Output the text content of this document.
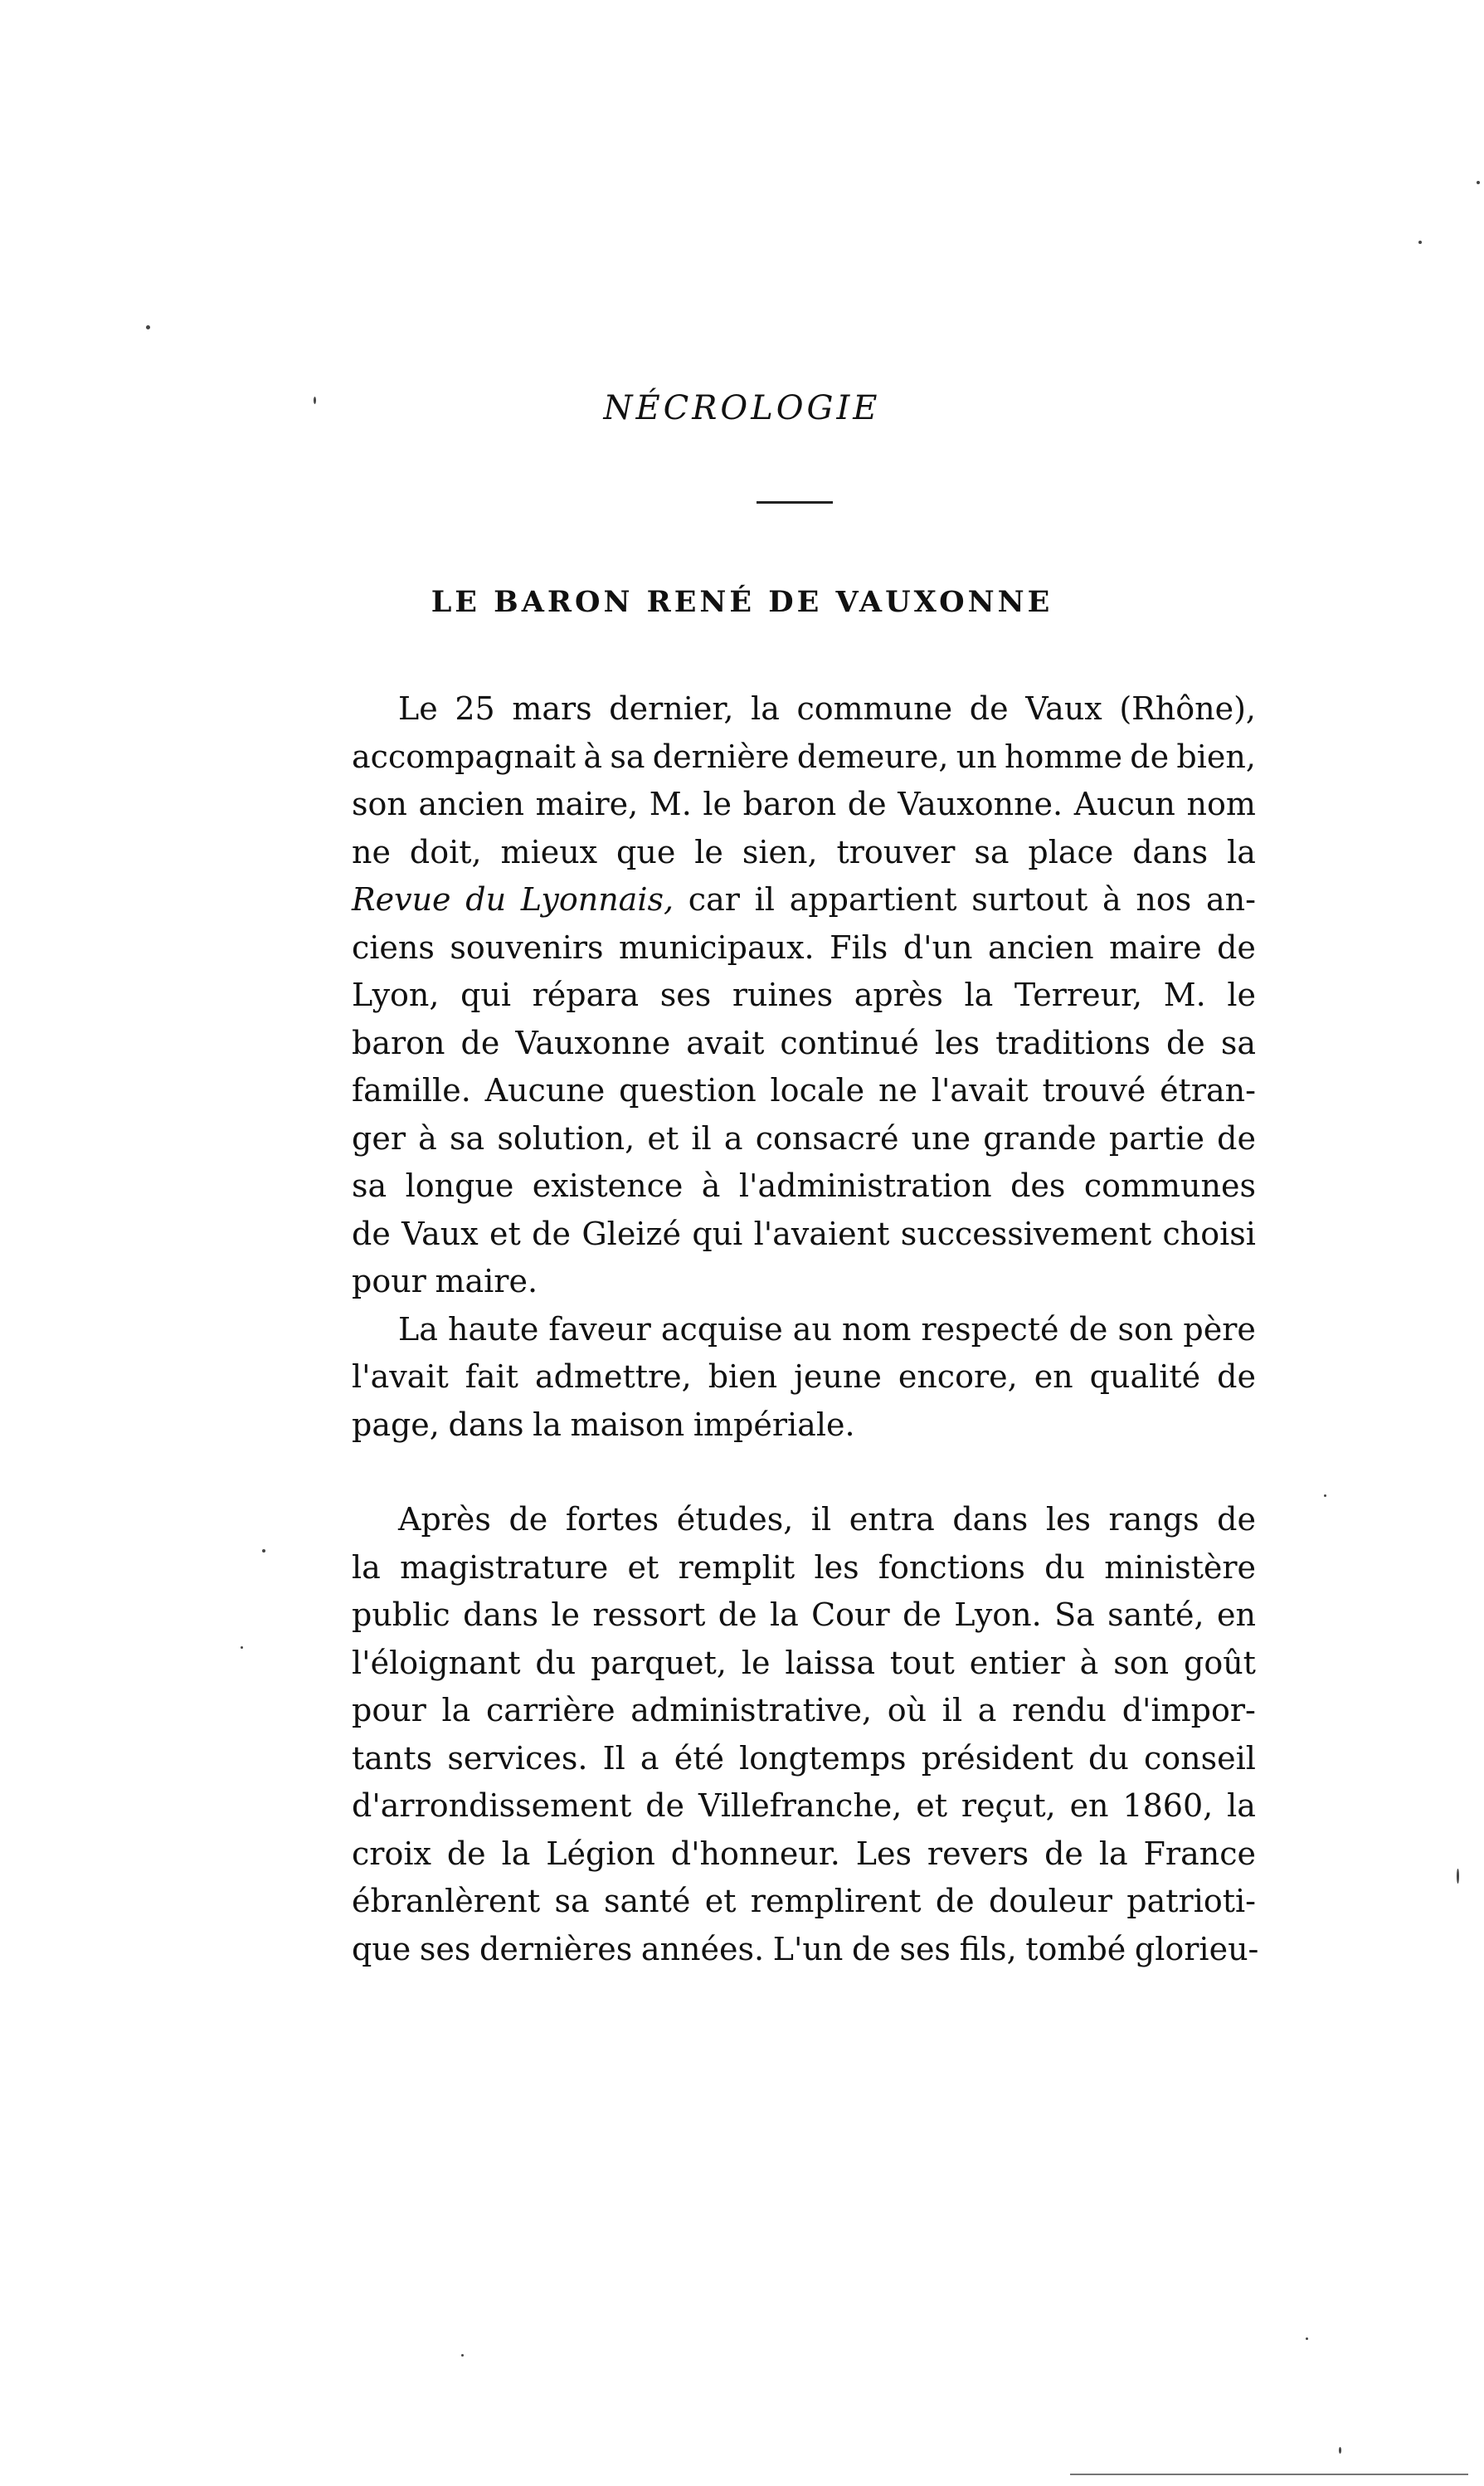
NÉCROLOGIE
LE BARON RENÉ DE VAUXONNE
Le 25 mars dernier, la commune de Vaux (Rhône),
accompagnait à sa dernière demeure, un homme de bien,
son ancien maire, M. le baron de Vauxonne. Aucun nom
ne doit, mieux que le sien, trouver sa place dans la
Revue du Lyonnais, car il appartient surtout à nos an-
ciens souvenirs municipaux. Fils d'un ancien maire de
Lyon, qui répara ses ruines après la Terreur, M. le
baron de Vauxonne avait continué les traditions de sa
famille. Aucune question locale ne l'avait trouvé étran-
ger à sa solution, et il a consacré une grande partie de
sa longue existence à l'administration des communes
de Vaux et de Gleizé qui l'avaient successivement choisi
pour maire.
La haute faveur acquise au nom respecté de son père
l'avait fait admettre, bien jeune encore, en qualité de
page, dans la maison impériale.
Après de fortes études, il entra dans les rangs de
la magistrature et remplit les fonctions du ministère
public dans le ressort de la Cour de Lyon. Sa santé, en
l'éloignant du parquet, le laissa tout entier à son goût
pour la carrière administrative, où il a rendu d'impor-
tants services. Il a été longtemps président du conseil
d'arrondissement de Villefranche, et reçut, en 1860, la
croix de la Légion d'honneur. Les revers de la France
ébranlèrent sa santé et remplirent de douleur patrioti-
que ses dernières années. L'un de ses fils, tombé glorieu-
